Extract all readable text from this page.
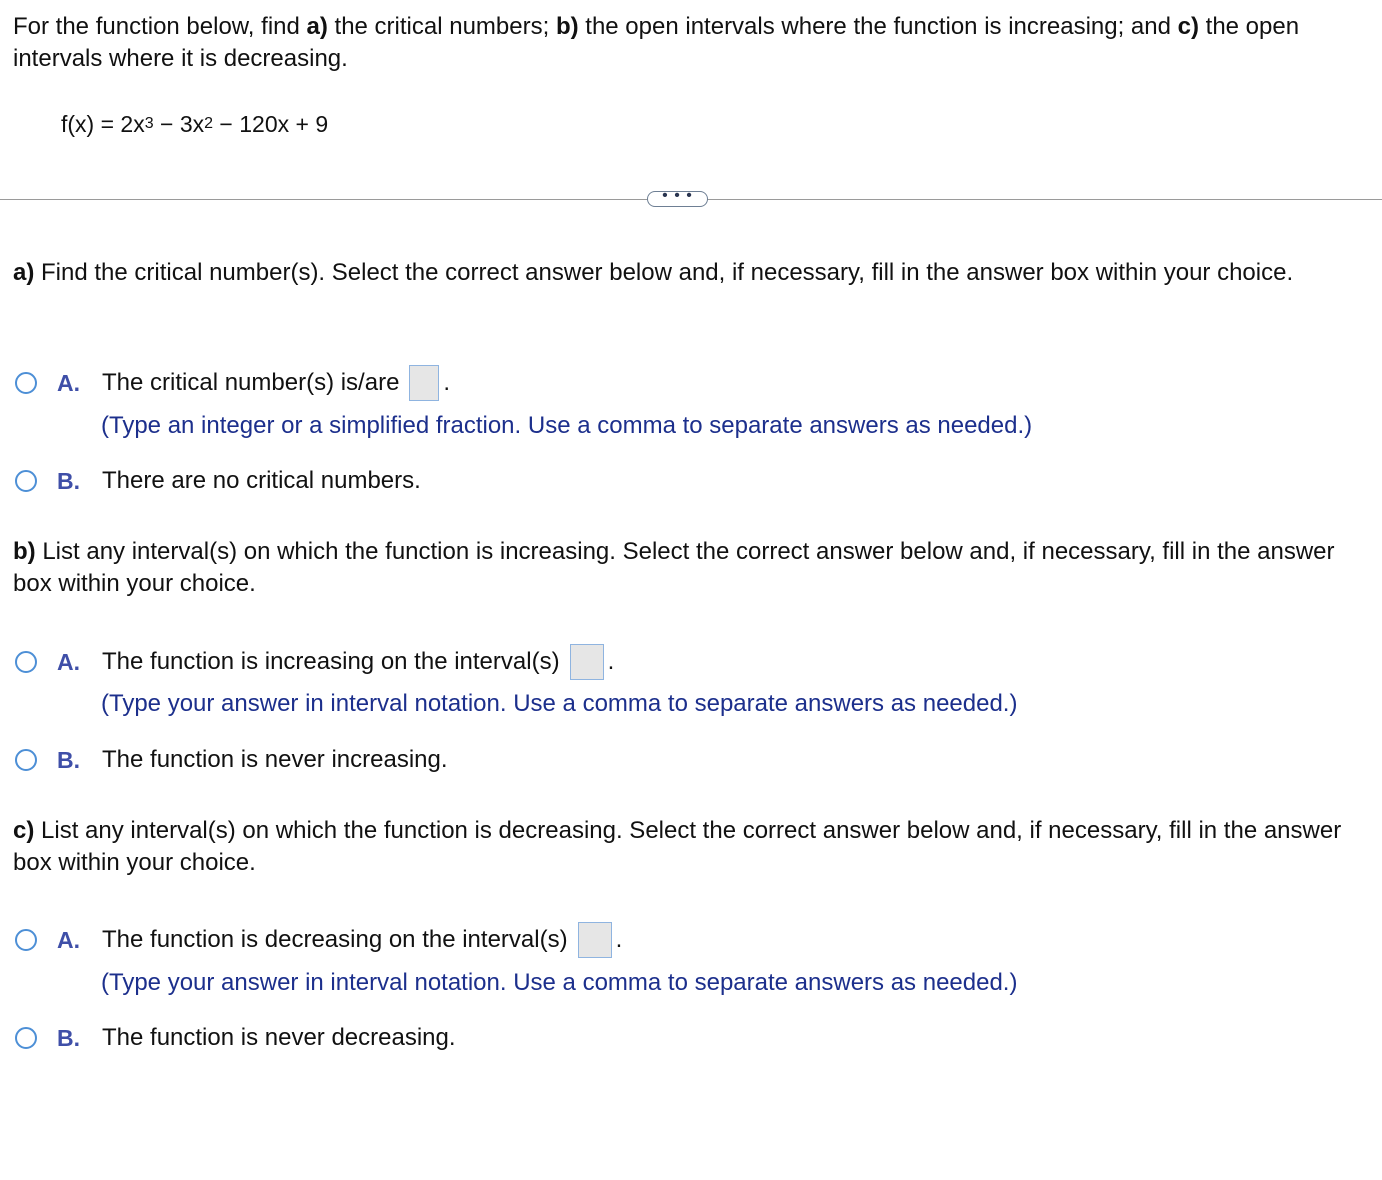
For the function below, find a) the critical numbers; b) the open intervals where the function is increasing; and c) the open intervals where it is decreasing.
$f(x) = 2x^3 - 3x^2 - 120x + 9$
• • •
a) Find the critical number(s). Select the correct answer below and, if necessary, fill in the answer box within your choice.
A. The critical number(s) is/are .
(Type an integer or a simplified fraction. Use a comma to separate answers as needed.)
B. There are no critical numbers.
b) List any interval(s) on which the function is increasing. Select the correct answer below and, if necessary, fill in the answer box within your choice.
A. The function is increasing on the interval(s) .
(Type your answer in interval notation. Use a comma to separate answers as needed.)
B. The function is never increasing.
c) List any interval(s) on which the function is decreasing. Select the correct answer below and, if necessary, fill in the answer box within your choice.
A. The function is decreasing on the interval(s) .
(Type your answer in interval notation. Use a comma to separate answers as needed.)
B. The function is never decreasing.
